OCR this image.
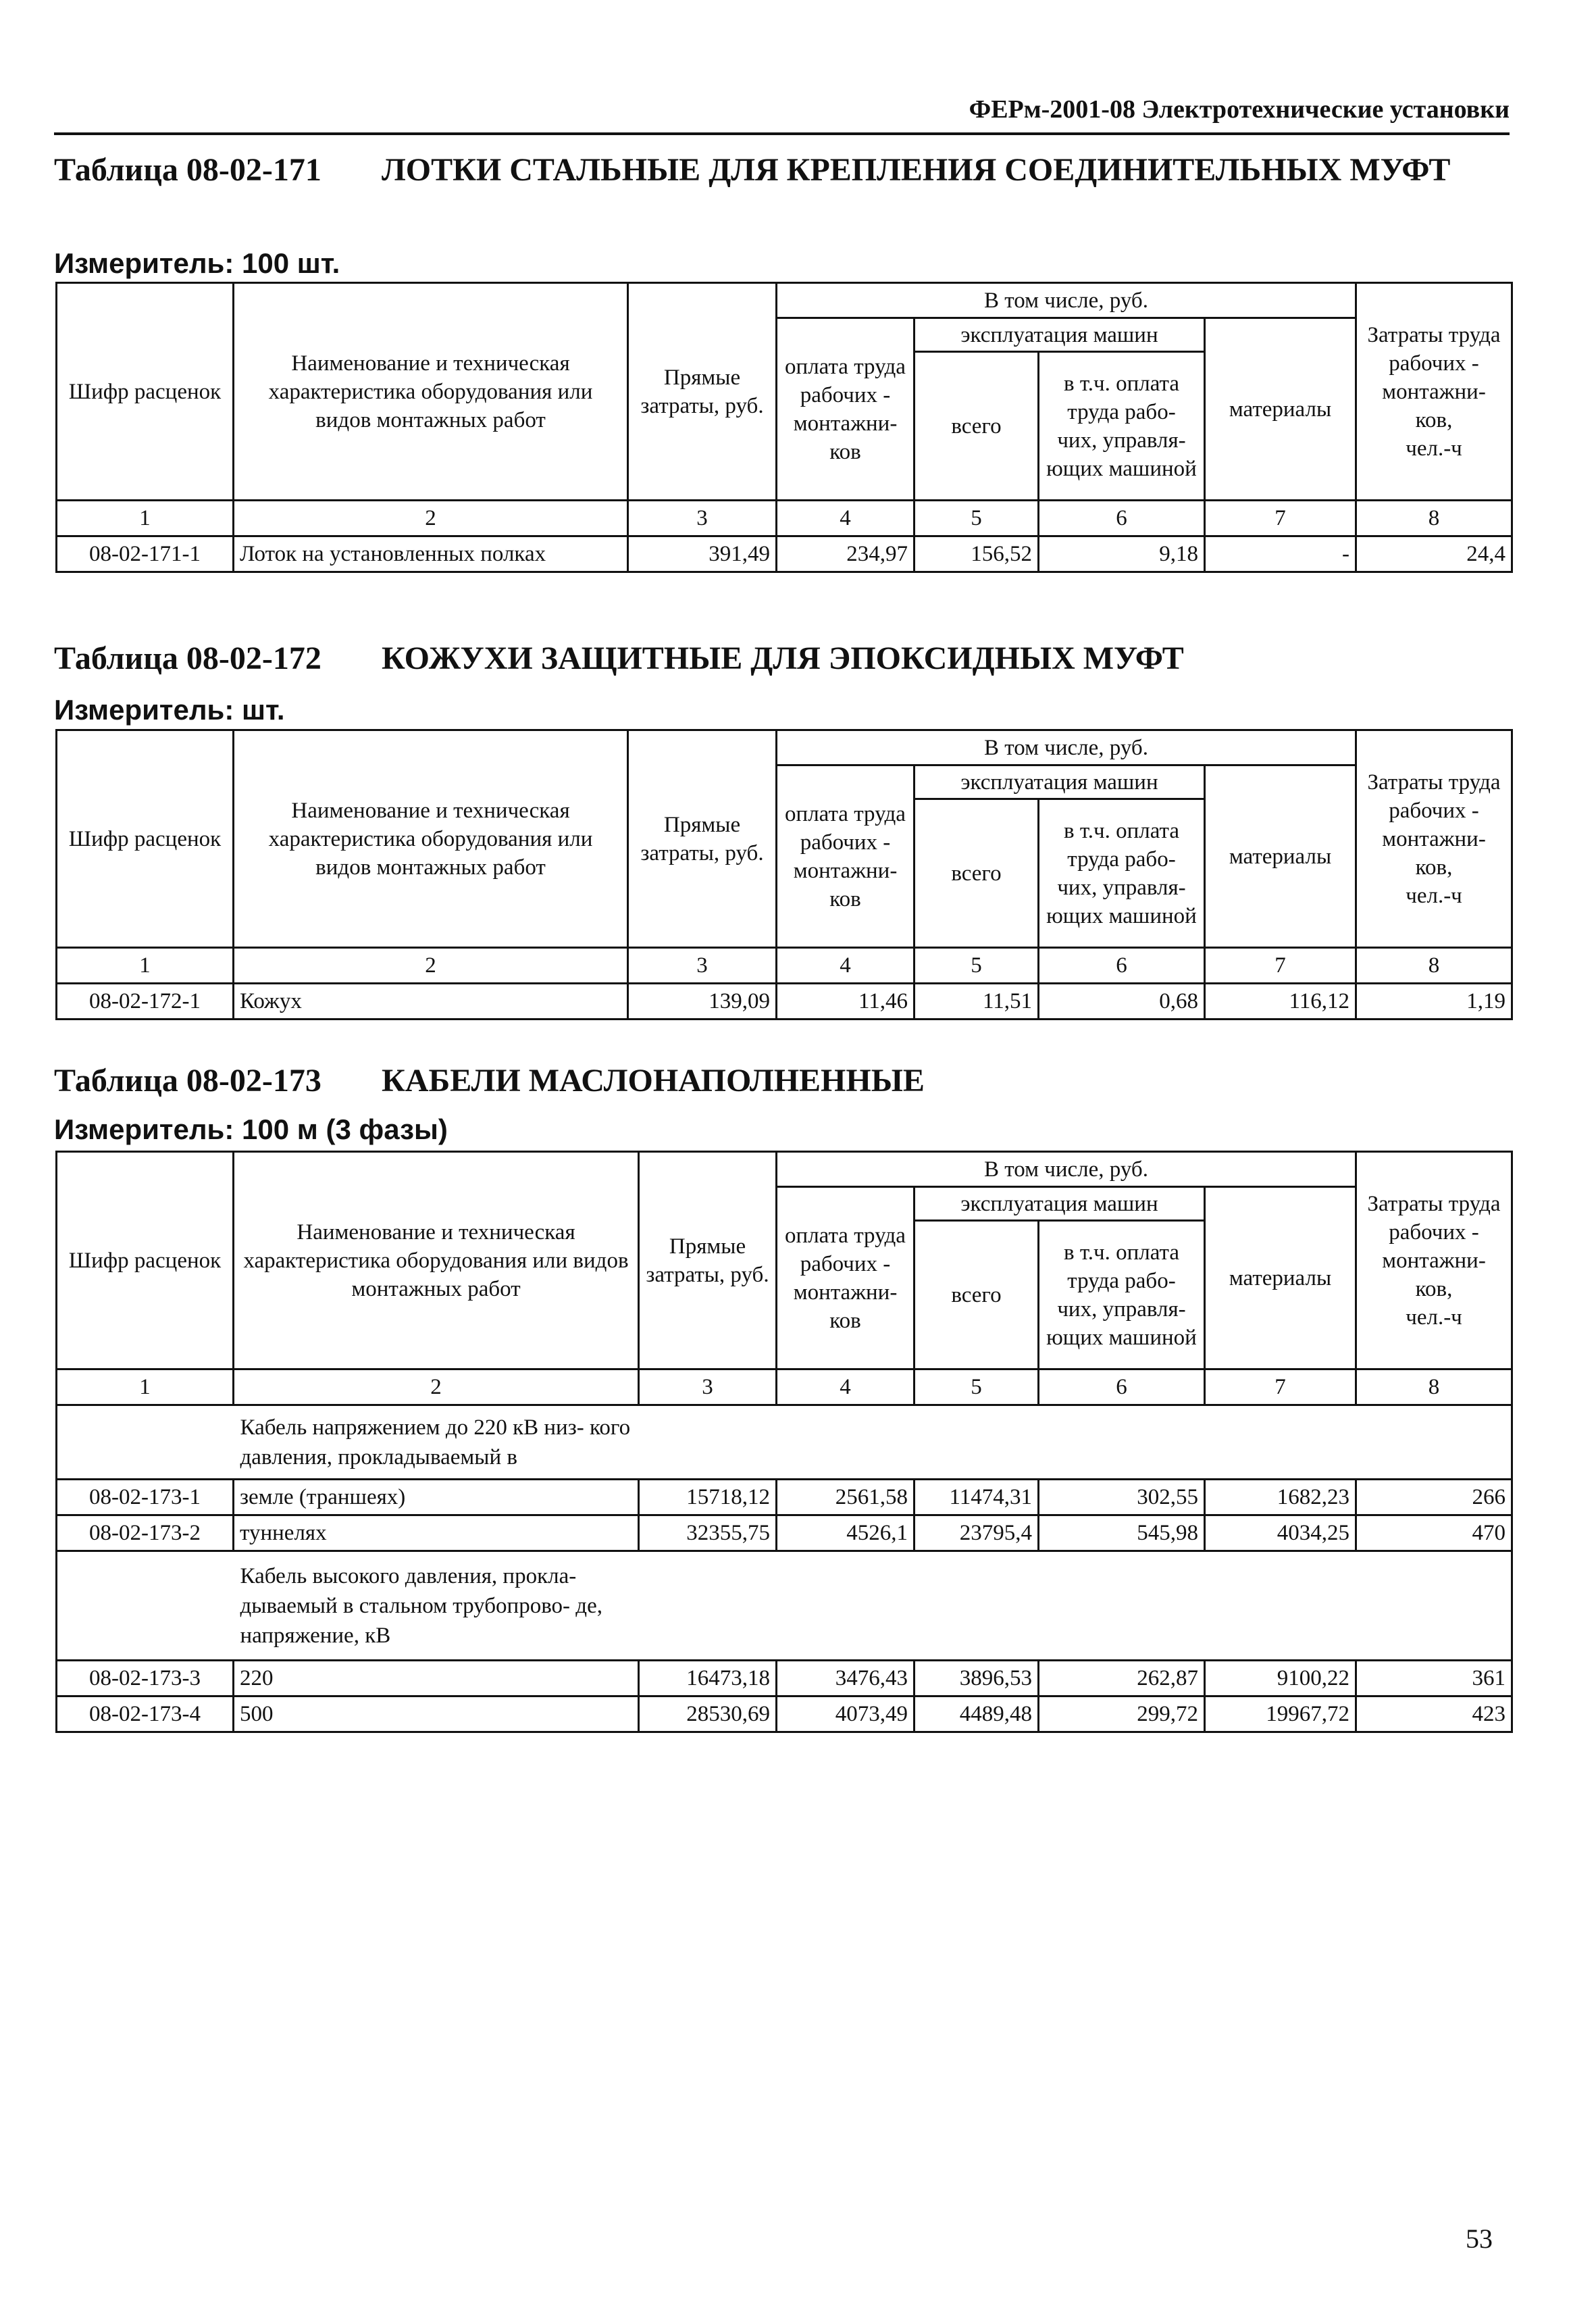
ФЕРм-2001-08 Электротехнические установки
Таблица 08-02-171 ЛОТКИ СТАЛЬНЫЕ ДЛЯ КРЕПЛЕНИЯ СОЕДИНИТЕЛЬНЫХ МУФТ
Измеритель: 100 шт.
Шифр расценок	Наименование и техническая характеристика оборудования или видов монтажных работ	Прямые затраты, руб.	В том числе, руб.				Затраты труда рабочих - монтажни- ков,
чел.-ч
			оплата труда рабочих - монтажни- ков	эксплуатация машин		материалы	
				всего	в т.ч. оплата труда рабо- чих, управля- ющих машиной		
1	2	3	4	5	6	7	8
08-02-171-1	Лоток на установленных полках	391,49	234,97	156,52	9,18	-	24,4
Таблица 08-02-172 КОЖУХИ ЗАЩИТНЫЕ ДЛЯ ЭПОКСИДНЫХ МУФТ
Измеритель: шт.
Шифр расценок	Наименование и техническая характеристика оборудования или видов монтажных работ	Прямые затраты, руб.	В том числе, руб.				Затраты труда рабочих - монтажни- ков,
чел.-ч
			оплата труда рабочих - монтажни- ков	эксплуатация машин		материалы	
				всего	в т.ч. оплата труда рабо- чих, управля- ющих машиной		
1	2	3	4	5	6	7	8
08-02-172-1	Кожух	139,09	11,46	11,51	0,68	116,12	1,19
Таблица 08-02-173 КАБЕЛИ МАСЛОНАПОЛНЕННЫЕ
Измеритель: 100 м (3 фазы)
Шифр расценок	Наименование и техническая характеристика оборудования или видов монтажных работ	Прямые затраты, руб.	В том числе, руб.				Затраты труда рабочих - монтажни- ков,
чел.-ч
			оплата труда рабочих - монтажни- ков	эксплуатация машин		материалы	
				всего	в т.ч. оплата труда рабо- чих, управля- ющих машиной		
1	2	3	4	5	6	7	8

	Кабель напряжением до 220 кВ низ- кого давления, прокладываемый в						

08-02-173-1	земле (траншеях)	15718,12	2561,58	11474,31	302,55	1682,23	266
08-02-173-2	туннелях	32355,75	4526,1	23795,4	545,98	4034,25	470

	Кабель высокого давления, прокла- дываемый в стальном трубопрово- де, напряжение, кВ						

08-02-173-3	220	16473,18	3476,43	3896,53	262,87	9100,22	361
08-02-173-4	500	28530,69	4073,49	4489,48	299,72	19967,72	423
53
